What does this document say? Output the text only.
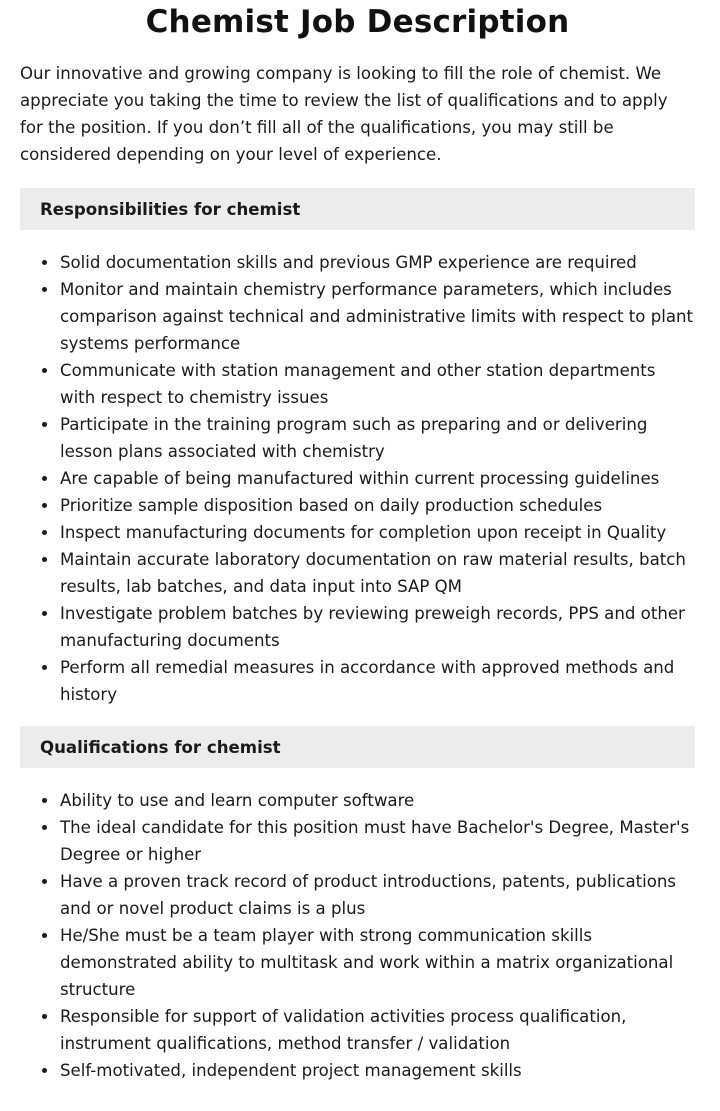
Chemist Job Description

Our innovative and growing company is looking to fill the role of chemist. We appreciate you taking the time to review the list of qualifications and to apply for the position. If you don’t fill all of the qualifications, you may still be considered depending on your level of experience.

Responsibilities for chemist
Solid documentation skills and previous GMP experience are required
Monitor and maintain chemistry performance parameters, which includes comparison against technical and administrative limits with respect to plant systems performance
Communicate with station management and other station departments with respect to chemistry issues
Participate in the training program such as preparing and or delivering lesson plans associated with chemistry
Are capable of being manufactured within current processing guidelines
Prioritize sample disposition based on daily production schedules
Inspect manufacturing documents for completion upon receipt in Quality
Maintain accurate laboratory documentation on raw material results, batch results, lab batches, and data input into SAP QM
Investigate problem batches by reviewing preweigh records, PPS and other manufacturing documents
Perform all remedial measures in accordance with approved methods and history
Qualifications for chemist
Ability to use and learn computer software
The ideal candidate for this position must have Bachelor's Degree, Master's Degree or higher
Have a proven track record of product introductions, patents, publications and or novel product claims is a plus
He/She must be a team player with strong communication skills demonstrated ability to multitask and work within a matrix organizational structure
Responsible for support of validation activities process qualification, instrument qualifications, method transfer / validation
Self-motivated, independent project management skills
